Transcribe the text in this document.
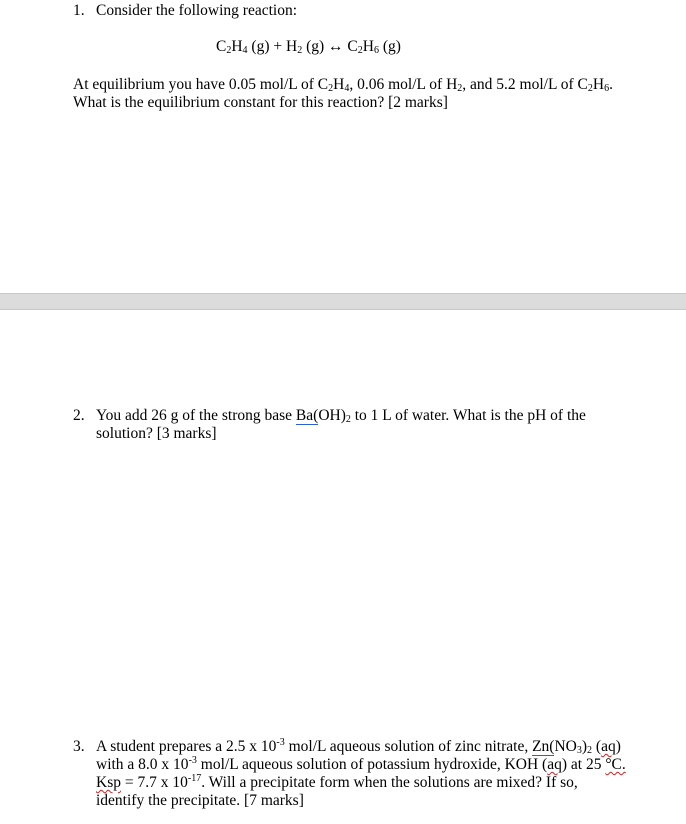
1. Consider the following reaction:
$C_2H_4$ $(g) + H_2$ (g) ↔ $C_2H_6$ (g)
At equilibrium you have 0.05 mol/L of $C_2H_4$, 0.06 mol/L of $H_2$, and 5.2 mol/L of $C_2H_6$.
What is the equilibrium constant for this reaction? [2 marks]
2. You add 26 g of the strong base $Ba(OH)_2$ to 1 L of water. What is the pH of the
solution? [3 marks]
3. A student prepares a 2.5 x $10^{-3}$ mol/L aqueous solution of zinc nitrate, $Zn(NO_3)_2$ (aq)
with a 8.0 x $10^{-3}$ mol/L aqueous solution of potassium hydroxide, KOH (aq) at 25 °C.
Ksp = 7.7 x $10^{-17}$. Will a precipitate form when the solutions are mixed? If so,
identify the precipitate. [7 marks]
